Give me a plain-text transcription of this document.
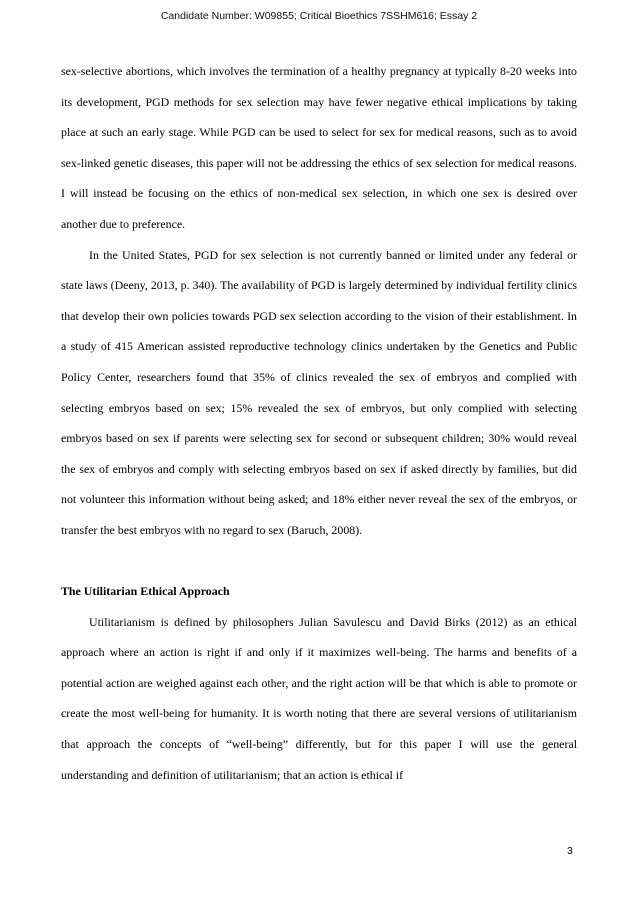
Candidate Number: W09855; Critical Bioethics 7SSHM616; Essay 2

sex-selective abortions, which involves the termination of a healthy pregnancy at typically 8-20 weeks into its development, PGD methods for sex selection may have fewer negative ethical implications by taking place at such an early stage. While PGD can be used to select for sex for medical reasons, such as to avoid sex-linked genetic diseases, this paper will not be addressing the ethics of sex selection for medical reasons. I will instead be focusing on the ethics of non-medical sex selection, in which one sex is desired over another due to preference.

In the United States, PGD for sex selection is not currently banned or limited under any federal or state laws (Deeny, 2013, p. 340). The availability of PGD is largely determined by individual fertility clinics that develop their own policies towards PGD sex selection according to the vision of their establishment. In a study of 415 American assisted reproductive technology clinics undertaken by the Genetics and Public Policy Center, researchers found that 35% of clinics revealed the sex of embryos and complied with selecting embryos based on sex; 15% revealed the sex of embryos, but only complied with selecting embryos based on sex if parents were selecting sex for second or subsequent children; 30% would reveal the sex of embryos and comply with selecting embryos based on sex if asked directly by families, but did not volunteer this information without being asked; and 18% either never reveal the sex of the embryos, or transfer the best embryos with no regard to sex (Baruch, 2008).

The Utilitarian Ethical Approach

Utilitarianism is defined by philosophers Julian Savulescu and David Birks (2012) as an ethical approach where an action is right if and only if it maximizes well-being. The harms and benefits of a potential action are weighed against each other, and the right action will be that which is able to promote or create the most well-being for humanity. It is worth noting that there are several versions of utilitarianism that approach the concepts of “well-being” differently, but for this paper I will use the general understanding and definition of utilitarianism; that an action is ethical if

3
